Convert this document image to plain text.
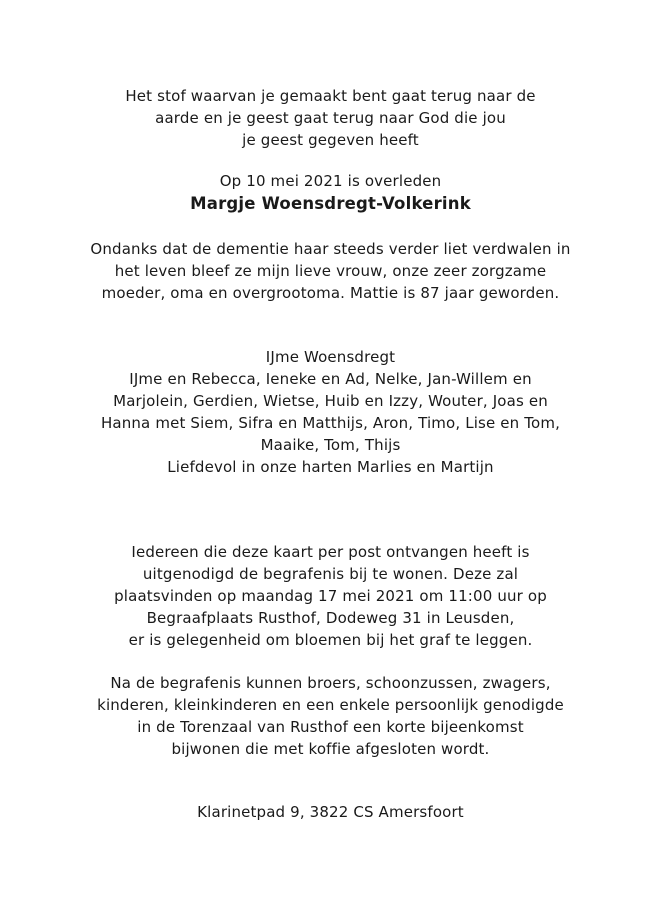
Het stof waarvan je gemaakt bent gaat terug naar de
aarde en je geest gaat terug naar God die jou
je geest gegeven heeft
Op 10 mei 2021 is overleden
Margje Woensdregt-Volkerink
Ondanks dat de dementie haar steeds verder liet verdwalen in
het leven bleef ze mijn lieve vrouw, onze zeer zorgzame
moeder, oma en overgrootoma. Mattie is 87 jaar geworden.
IJme Woensdregt
IJme en Rebecca, Ieneke en Ad, Nelke, Jan-Willem en
Marjolein, Gerdien, Wietse, Huib en Izzy, Wouter, Joas en
Hanna met Siem, Sifra en Matthijs, Aron, Timo, Lise en Tom,
Maaike, Tom, Thijs
Liefdevol in onze harten Marlies en Martijn
Iedereen die deze kaart per post ontvangen heeft is
uitgenodigd de begrafenis bij te wonen. Deze zal
plaatsvinden op maandag 17 mei 2021 om 11:00 uur op
Begraafplaats Rusthof, Dodeweg 31 in Leusden,
er is gelegenheid om bloemen bij het graf te leggen.
Na de begrafenis kunnen broers, schoonzussen, zwagers,
kinderen, kleinkinderen en een enkele persoonlijk genodigde
in de Torenzaal van Rusthof een korte bijeenkomst
bijwonen die met koffie afgesloten wordt.
Klarinetpad 9, 3822 CS Amersfoort
